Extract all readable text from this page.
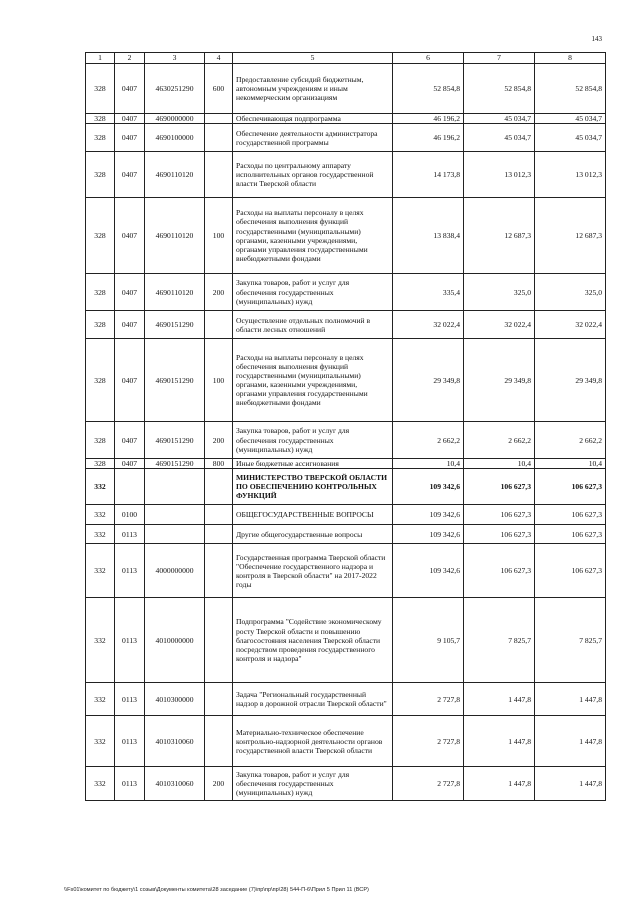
143
1	2	3	4	5	6	7	8
328	0407	4630251290	600	Предоставление субсидий бюджетным, автономным учреждениям и иным некоммерческим организациям	52 854,8	52 854,8	52 854,8
328	0407	4690000000		Обеспечивающая подпрограмма	46 196,2	45 034,7	45 034,7
328	0407	4690100000		Обеспечение деятельности администратора государственной программы	46 196,2	45 034,7	45 034,7
328	0407	4690110120		Расходы по центральному аппарату исполнительных органов государственной власти Тверской области	14 173,8	13 012,3	13 012,3
328	0407	4690110120	100	Расходы на выплаты персоналу в целях обеспечения выполнения функций государственными (муниципальными) органами, казенными учреждениями, органами управления государственными внебюджетными фондами	13 838,4	12 687,3	12 687,3
328	0407	4690110120	200	Закупка товаров, работ и услуг для обеспечения государственных (муниципальных) нужд	335,4	325,0	325,0
328	0407	4690151290		Осуществление отдельных полномочий в области лесных отношений	32 022,4	32 022,4	32 022,4
328	0407	4690151290	100	Расходы на выплаты персоналу в целях обеспечения выполнения функций государственными (муниципальными) органами, казенными учреждениями, органами управления государственными внебюджетными фондами	29 349,8	29 349,8	29 349,8
328	0407	4690151290	200	Закупка товаров, работ и услуг для обеспечения государственных (муниципальных) нужд	2 662,2	2 662,2	2 662,2
328	0407	4690151290	800	Иные бюджетные ассигнования	10,4	10,4	10,4
332				МИНИСТЕРСТВО ТВЕРСКОЙ ОБЛАСТИ ПО ОБЕСПЕЧЕНИЮ КОНТРОЛЬНЫХ ФУНКЦИЙ	109 342,6	106 627,3	106 627,3
332	0100			ОБЩЕГОСУДАРСТВЕННЫЕ ВОПРОСЫ	109 342,6	106 627,3	106 627,3
332	0113			Другие общегосударственные вопросы	109 342,6	106 627,3	106 627,3
332	0113	4000000000		Государственная программа Тверской области "Обеспечение государственного надзора и контроля в Тверской области" на 2017-2022 годы	109 342,6	106 627,3	106 627,3
332	0113	4010000000		Подпрограмма "Содействие экономическому росту Тверской области и повышению благосостояния населения Тверской области посредством проведения государственного контроля и надзора"	9 105,7	7 825,7	7 825,7
332	0113	4010300000		Задача "Региональный государственный надзор в дорожной отрасли Тверской области"	2 727,8	1 447,8	1 447,8
332	0113	4010310060		Материально-техническое обеспечение контрольно-надзорной деятельности органов государственной власти Тверской области	2 727,8	1 447,8	1 447,8
332	0113	4010310060	200	Закупка товаров, работ и услуг для обеспечения государственных (муниципальных) нужд	2 727,8	1 447,8	1 447,8
\\Fs01\комитет по бюджету\1 созыв\Документы комитета\28 заседание (7)\пр\пр\пр\28) 544-П-6\Прил 5 Прил 11 (ВСР)
